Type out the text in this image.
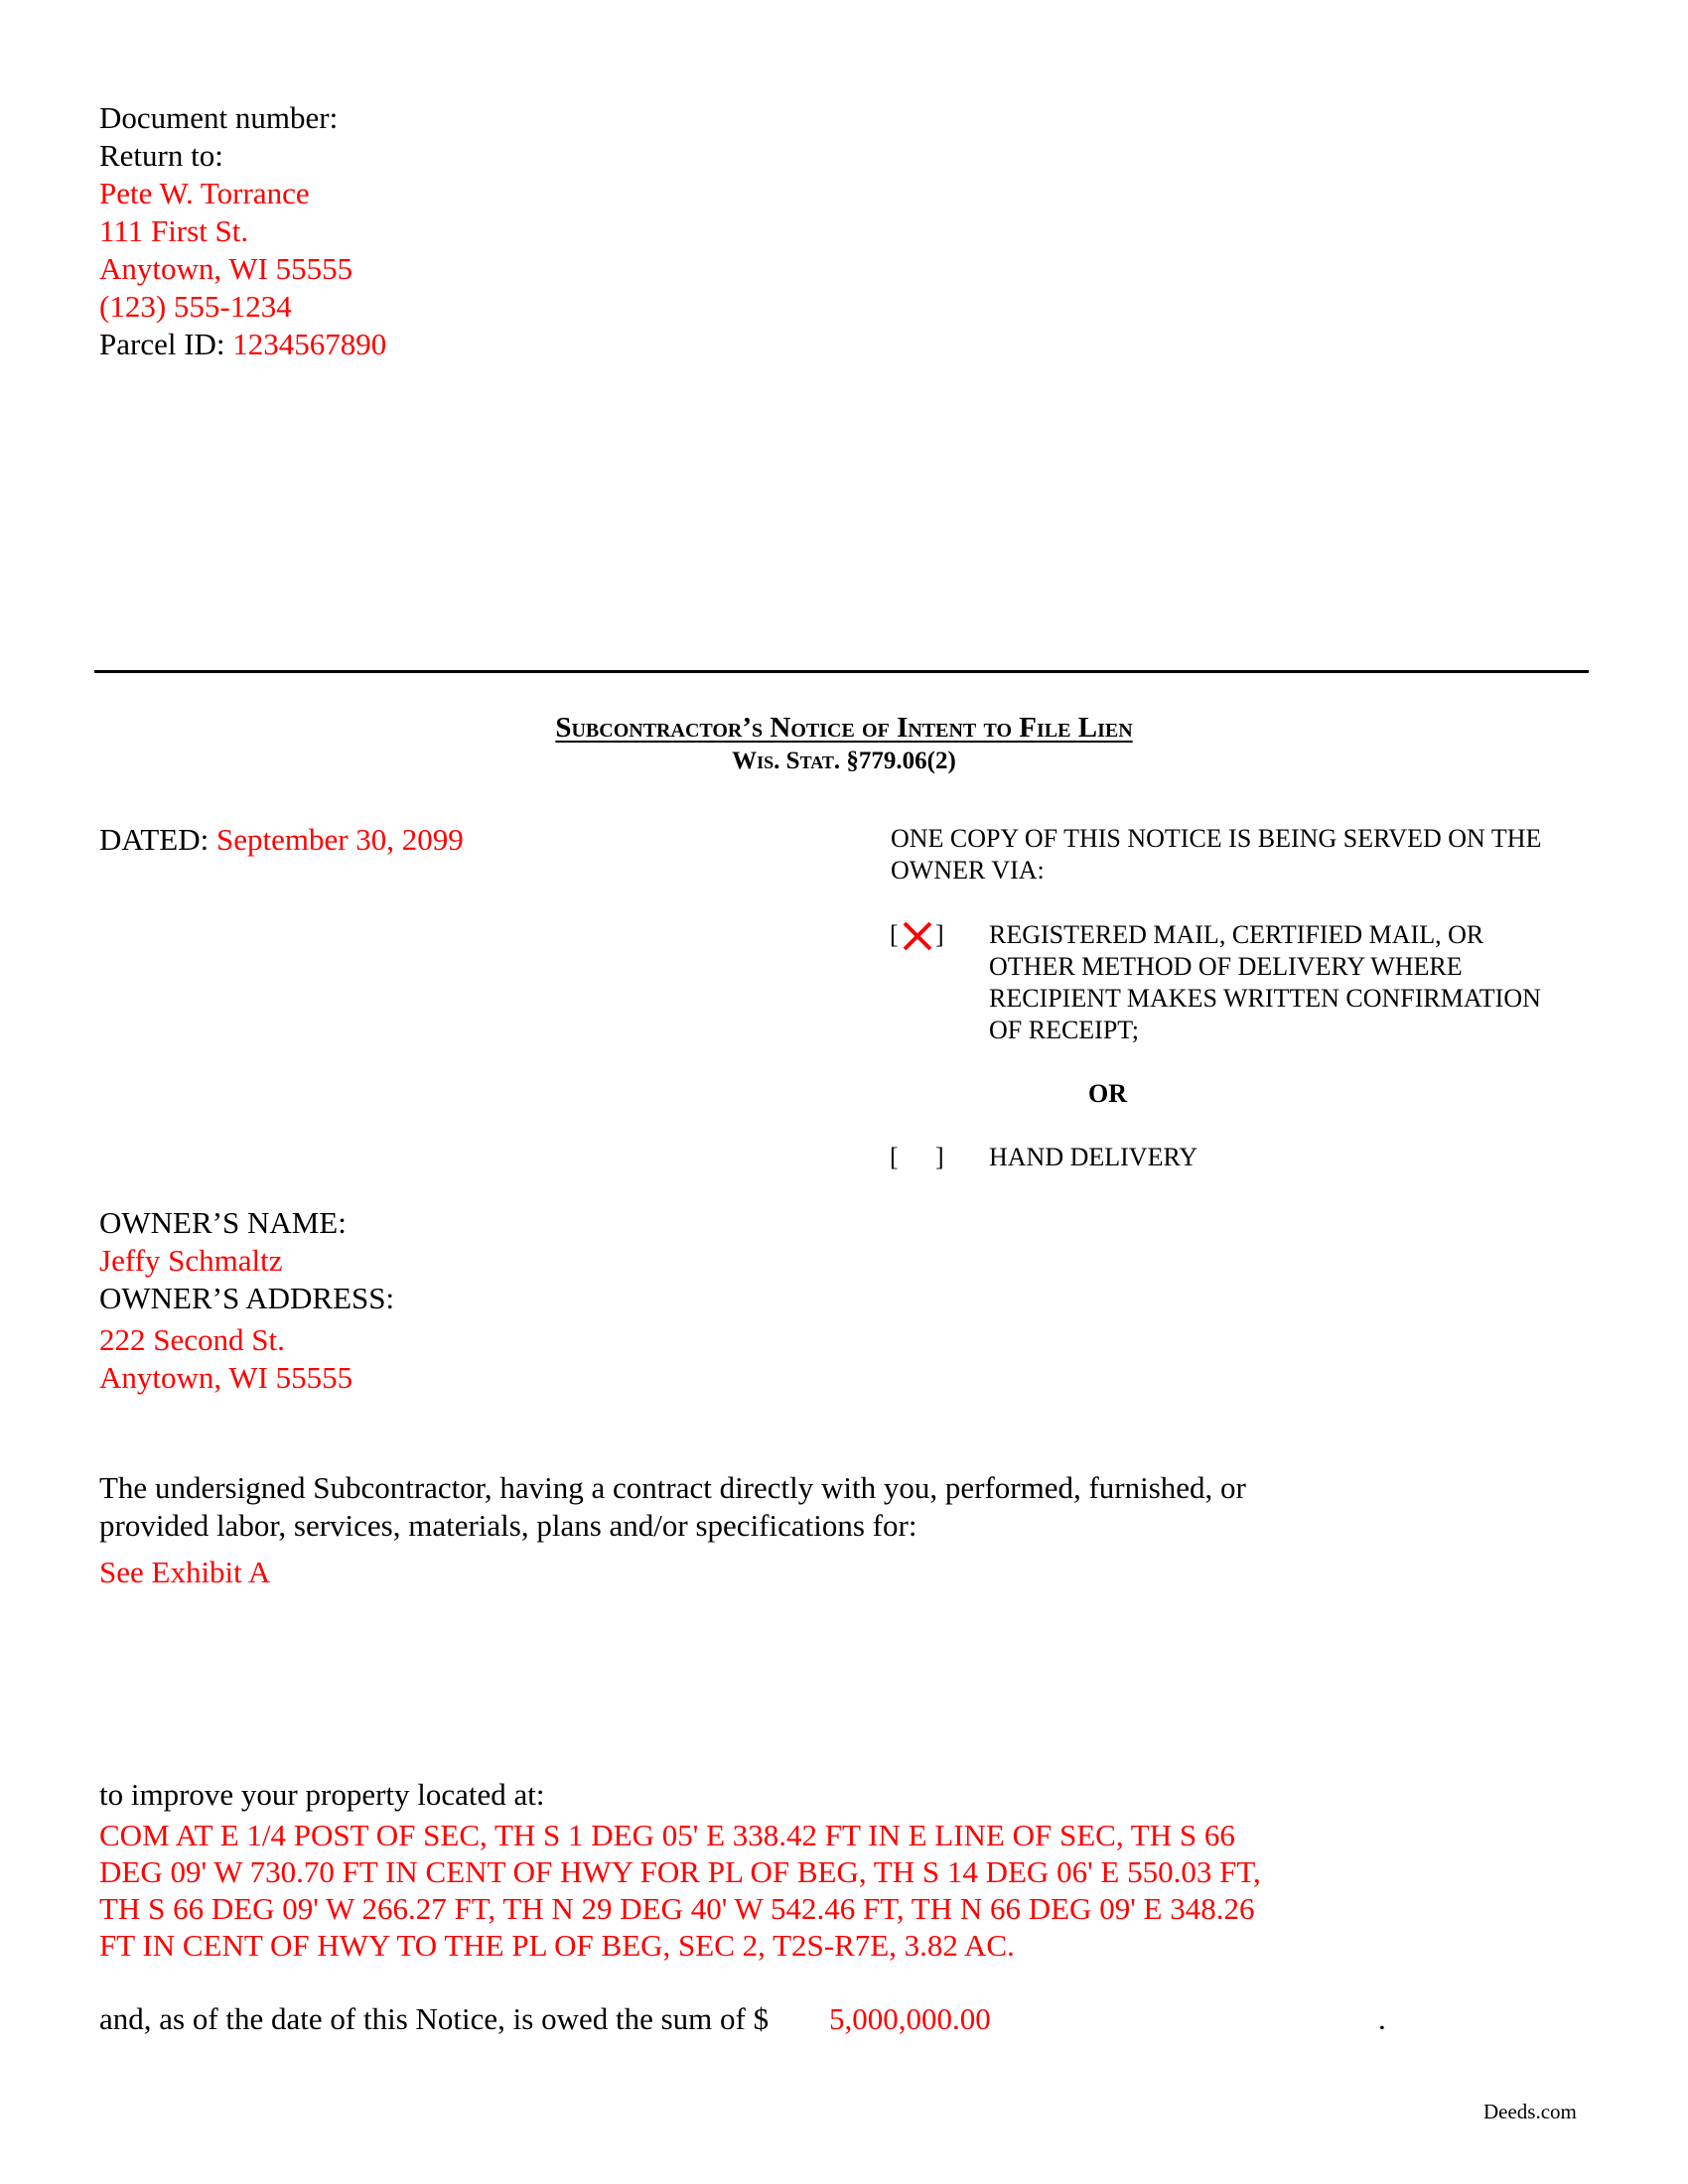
Document number:
Return to:
Pete W. Torrance
111 First St.
Anytown, WI 55555
(123) 555-1234
Parcel ID: 1234567890
Subcontractor’s Notice of Intent to File Lien
Wis. Stat. §779.06(2)
DATED: September 30, 2099	ONE COPY OF THIS NOTICE IS BEING SERVED ON THE
OWNER VIA:
[ ] REGISTERED MAIL, CERTIFIED MAIL, OR
OTHER METHOD OF DELIVERY WHERE
RECIPIENT MAKES WRITTEN CONFIRMATION
OF RECEIPT;
OR
[ ] HAND DELIVERY
OWNER’S NAME:
Jeffy Schmaltz
OWNER’S ADDRESS:
222 Second St.
Anytown, WI 55555
The undersigned Subcontractor, having a contract directly with you, performed, furnished, or
provided labor, services, materials, plans and/or specifications for:
See Exhibit A
to improve your property located at:
COM AT E 1/4 POST OF SEC, TH S 1 DEG 05' E 338.42 FT IN E LINE OF SEC, TH S 66
DEG 09' W 730.70 FT IN CENT OF HWY FOR PL OF BEG, TH S 14 DEG 06' E 550.03 FT,
TH S 66 DEG 09' W 266.27 FT, TH N 29 DEG 40' W 542.46 FT, TH N 66 DEG 09' E 348.26
FT IN CENT OF HWY TO THE PL OF BEG, SEC 2, T2S-R7E, 3.82 AC.
and, as of the date of this Notice, is owed the sum of $ 5,000,000.00	.
Deeds.com
